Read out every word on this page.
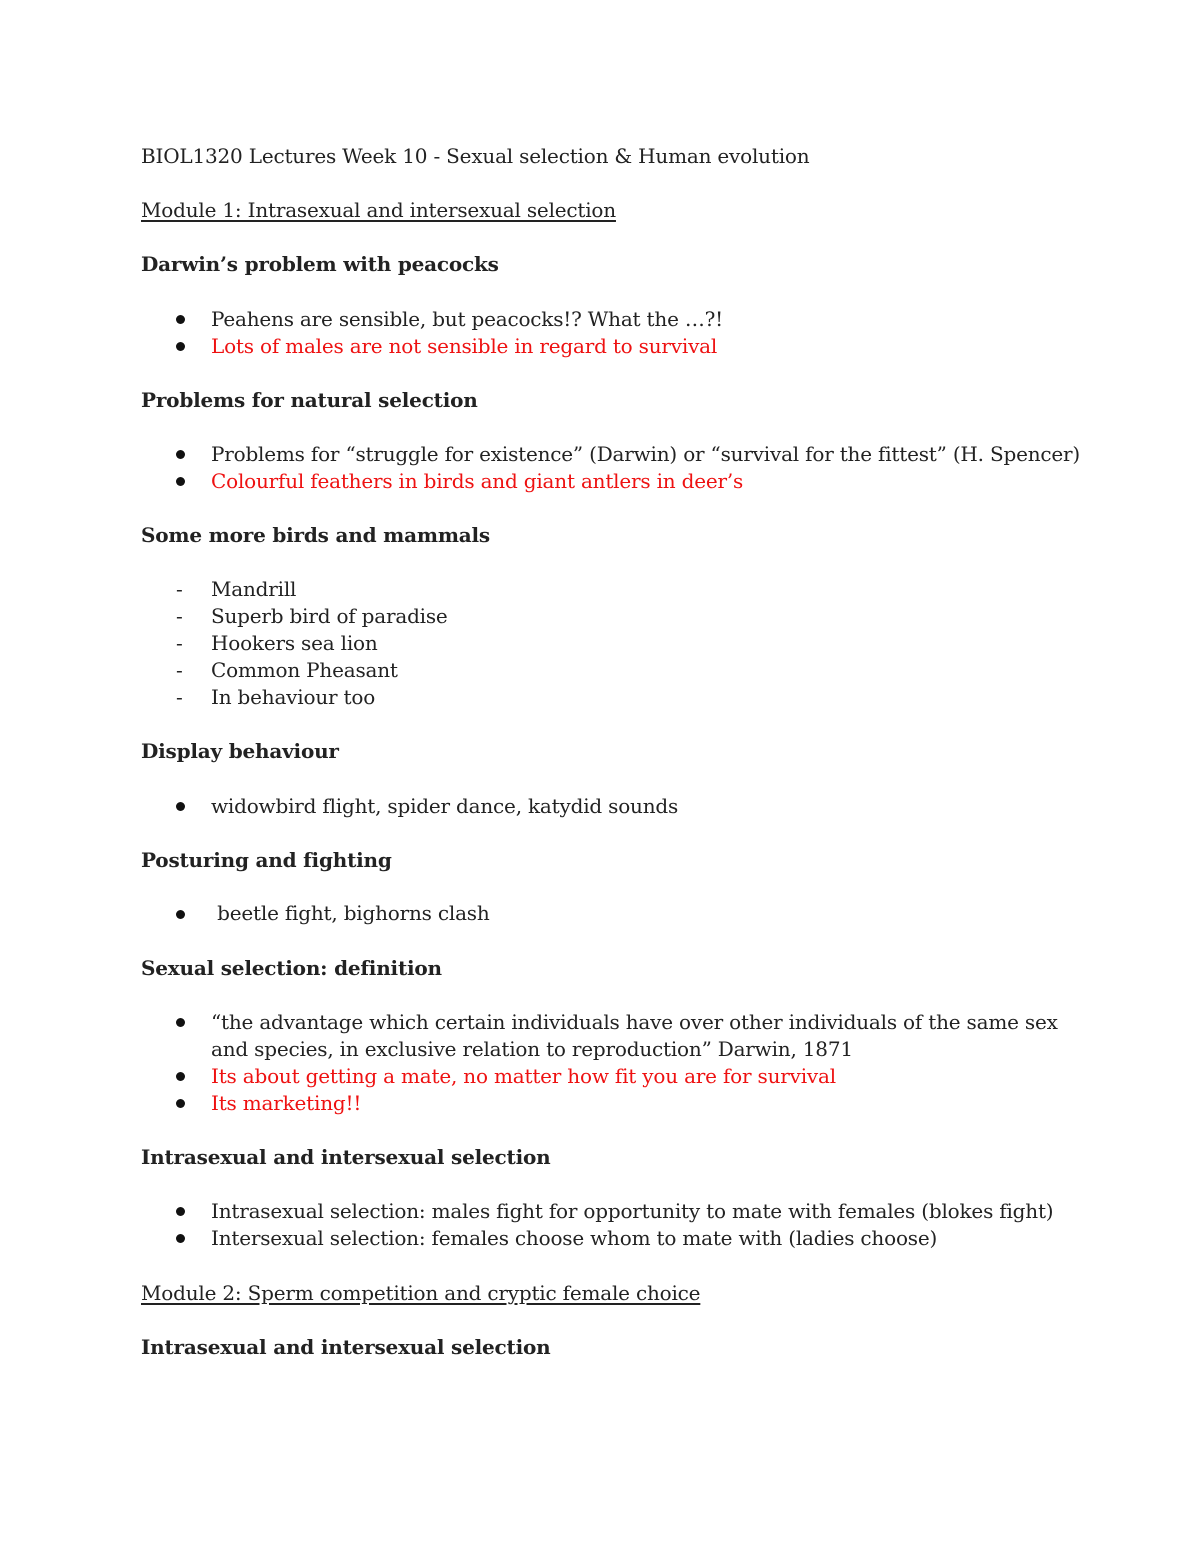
BIOL1320 Lectures Week 10 - Sexual selection & Human evolution
Module 1: Intrasexual and intersexual selection
Darwin’s problem with peacocks
Peahens are sensible, but peacocks!? What the …?!
Lots of males are not sensible in regard to survival
Problems for natural selection
Problems for “struggle for existence” (Darwin) or “survival for the fittest” (H. Spencer)
Colourful feathers in birds and giant antlers in deer’s
Some more birds and mammals
- Mandrill
- Superb bird of paradise
- Hookers sea lion
- Common Pheasant
- In behaviour too
Display behaviour
widowbird flight, spider dance, katydid sounds
Posturing and fighting
beetle fight, bighorns clash
Sexual selection: definition
“the advantage which certain individuals have over other individuals of the same sex and species, in exclusive relation to reproduction” Darwin, 1871
Its about getting a mate, no matter how fit you are for survival
Its marketing!!
Intrasexual and intersexual selection
Intrasexual selection: males fight for opportunity to mate with females (blokes fight)
Intersexual selection: females choose whom to mate with (ladies choose)
Module 2: Sperm competition and cryptic female choice
Intrasexual and intersexual selection
